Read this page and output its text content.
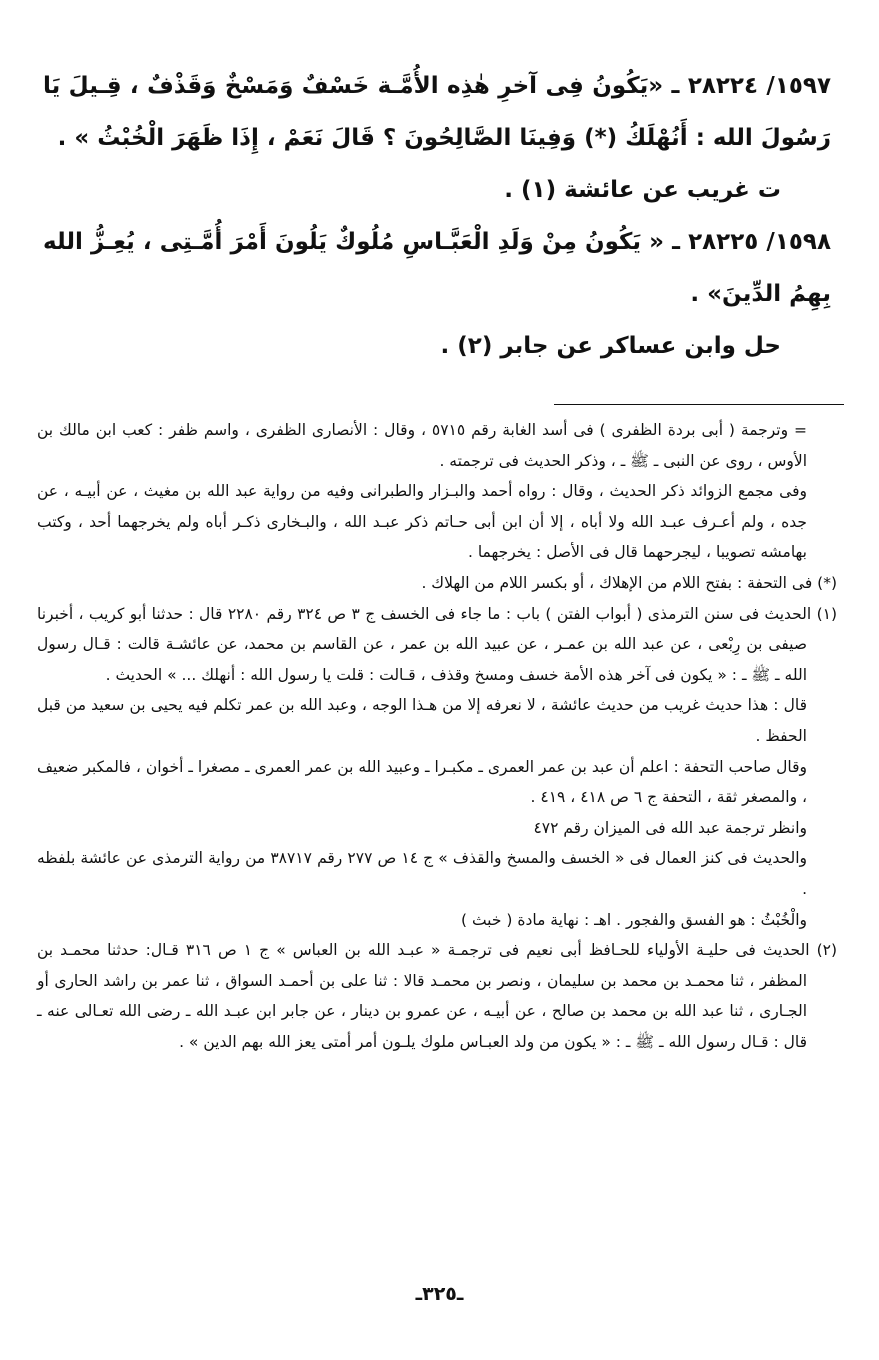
١٥٩٧/ ٢٨٢٢٤ ـ «يَكُونُ فِى آخرِ هٰذِه الأُمَّـة خَسْفٌ وَمَسْخٌ وَقَذْفٌ ، قِـيلَ يَا رَسُولَ الله : أَنُهْلَكُ (*) وَفِينَا الصَّالِحُونَ ؟ قَالَ نَعَمْ ، إِذَا ظَهَرَ الْخُبْثُ » .

ت غريب عن عائشة (١) .

١٥٩٨/ ٢٨٢٢٥ ـ « يَكُونُ مِنْ وَلَدِ الْعَبَّـاسِ مُلُوكٌ يَلُونَ أَمْرَ أُمَّـتِى ، يُعِـزُّ الله بِهِمُ الدِّينَ» .

حل وابن عساكر عن جابر (٢) .

= وترجمة ( أبى بردة الظفرى ) فى أسد الغابة رقم ٥٧١٥ ، وقال : الأنصارى الظفرى ، واسم ظفر : كعب ابن مالك بن الأوس ، روى عن النبى ـ ﷺ ـ ، وذكر الحديث فى ترجمته .

وفى مجمع الزوائد ذكر الحديث ، وقال : رواه أحمد والبـزار والطبرانى وفيه من رواية عبد الله بن مغيث ، عن أبيـه ، عن جده ، ولم أعـرف عبـد الله ولا أباه ، إلا أن ابن أبى حـاتم ذكر عبـد الله ، والبـخارى ذكـر أباه ولم يخرجهما أحد ، وكتب بهامشه تصويبا ، ليجرحهما قال فى الأصل : يخرجهما .

(*) فى التحفة : بفتح اللام من الإهلاك ، أو بكسر اللام من الهلاك .

(١) الحديث فى سنن الترمذى ( أبواب الفتن ) باب : ما جاء فى الخسف ج ٣ ص ٣٢٤ رقم ٢٢٨٠ قال : حدثنا أبو كريب ، أخبرنا صيفى بن رِبْعى ، عن عبد الله بن عمـر ، عن عبيد الله بن عمر ، عن القاسم بن محمد، عن عائشـة قالت : قـال رسول الله ـ ﷺ ـ : « يكون فى آخر هذه الأمة خسف ومسخ وقذف ، قـالت : قلت يا رسول الله : أنهلك ... » الحديث .

قال : هذا حديث غريب من حديث عائشة ، لا نعرفه إلا من هـذا الوجه ، وعبد الله بن عمر تكلم فيه يحيى بن سعيد من قبل الحفظ .

وقال صاحب التحفة : اعلم أن عبد بن عمر العمرى ـ مكبـرا ـ وعبيد الله بن عمر العمرى ـ مصغرا ـ أخوان ، فالمكبر ضعيف ، والمصغر ثقة ، التحفة ج ٦ ص ٤١٨ ، ٤١٩ .

وانظر ترجمة عبد الله فى الميزان رقم ٤٧٢

والحديث فى كنز العمال فى « الخسف والمسخ والقذف » ج ١٤ ص ٢٧٧ رقم ٣٨٧١٧ من رواية الترمذى عن عائشة بلفظه .

والْخُبْثُ : هو الفسق والفجور . اهـ : نهاية مادة ( خبث )

(٢) الحديث فى حليـة الأولياء للحـافظ أبى نعيم فى ترجمـة « عبـد الله بن العباس » ج ١ ص ٣١٦ قـال: حدثنا محمـد بن المظفر ، ثنا محمـد بن محمد بن سليمان ، ونصر بن محمـد قالا : ثنا على بن أحمـد السواق ، ثنا عمر بن راشد الحارى أو الجـارى ، ثنا عبد الله بن محمد بن صالح ، عن أبيـه ، عن عمرو بن دينار ، عن جابر ابن عبـد الله ـ رضى الله تعـالى عنه ـ قال : قـال رسول الله ـ ﷺ ـ : « يكون من ولد العبـاس ملوك يلـون أمر أمتى يعز الله بهم الدين » .

ـ٣٢٥ـ
